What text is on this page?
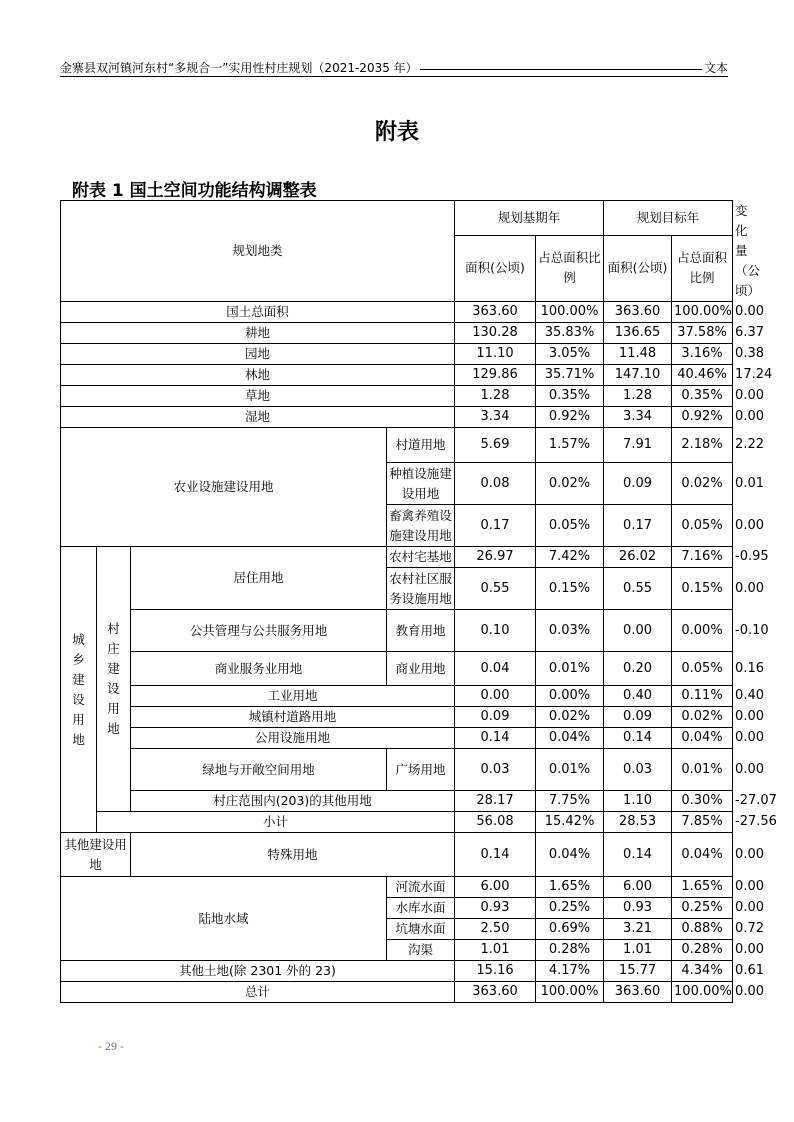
金寨县双河镇河东村“多规合一”实用性村庄规划（2021-2035 年）	文本
附表
附表 1 国土空间功能结构调整表
规划地类				规划基期年		规划目标年		变化量（公顷）
				面积(公顷)	占总面积比例	面积(公顷)	占总面积比例	
国土总面积				363.60	100.00%	363.60	100.00%	0.00
耕地				130.28	35.83%	136.65	37.58%	6.37
园地				11.10	3.05%	11.48	3.16%	0.38
林地				129.86	35.71%	147.10	40.46%	17.24
草地				1.28	0.35%	1.28	0.35%	0.00
湿地				3.34	0.92%	3.34	0.92%	0.00
农业设施建设用地			村道用地	5.69	1.57%	7.91	2.18%	2.22
			种植设施建设用地	0.08	0.02%	0.09	0.02%	0.01
			畜禽养殖设施建设用地	0.17	0.05%	0.17	0.05%	0.00

城乡建设用地	村庄建设用地	居住用地	农村宅基地	26.97	7.42%	26.02	7.16%	-0.95
			农村社区服务设施用地	0.55	0.15%	0.55	0.15%	0.00
		公共管理与公共服务用地	教育用地	0.10	0.03%	0.00	0.00%	-0.10
		商业服务业用地	商业用地	0.04	0.01%	0.20	0.05%	0.16
		工业用地		0.00	0.00%	0.40	0.11%	0.40
		城镇村道路用地		0.09	0.02%	0.09	0.02%	0.00
		公用设施用地		0.14	0.04%	0.14	0.04%	0.00
		绿地与开敞空间用地	广场用地	0.03	0.01%	0.03	0.01%	0.00
		村庄范围内(203)的其他用地		28.17	7.75%	1.10	0.30%	-27.07
	小计			56.08	15.42%	28.53	7.85%	-27.56
其他建设用地		特殊用地		0.14	0.04%	0.14	0.04%	0.00
陆地水域			河流水面	6.00	1.65%	6.00	1.65%	0.00
			水库水面	0.93	0.25%	0.93	0.25%	0.00
			坑塘水面	2.50	0.69%	3.21	0.88%	0.72
			沟渠	1.01	0.28%	1.01	0.28%	0.00
其他土地(除 2301 外的 23)				15.16	4.17%	15.77	4.34%	0.61
总计				363.60	100.00%	363.60	100.00%	0.00
- 29 -
